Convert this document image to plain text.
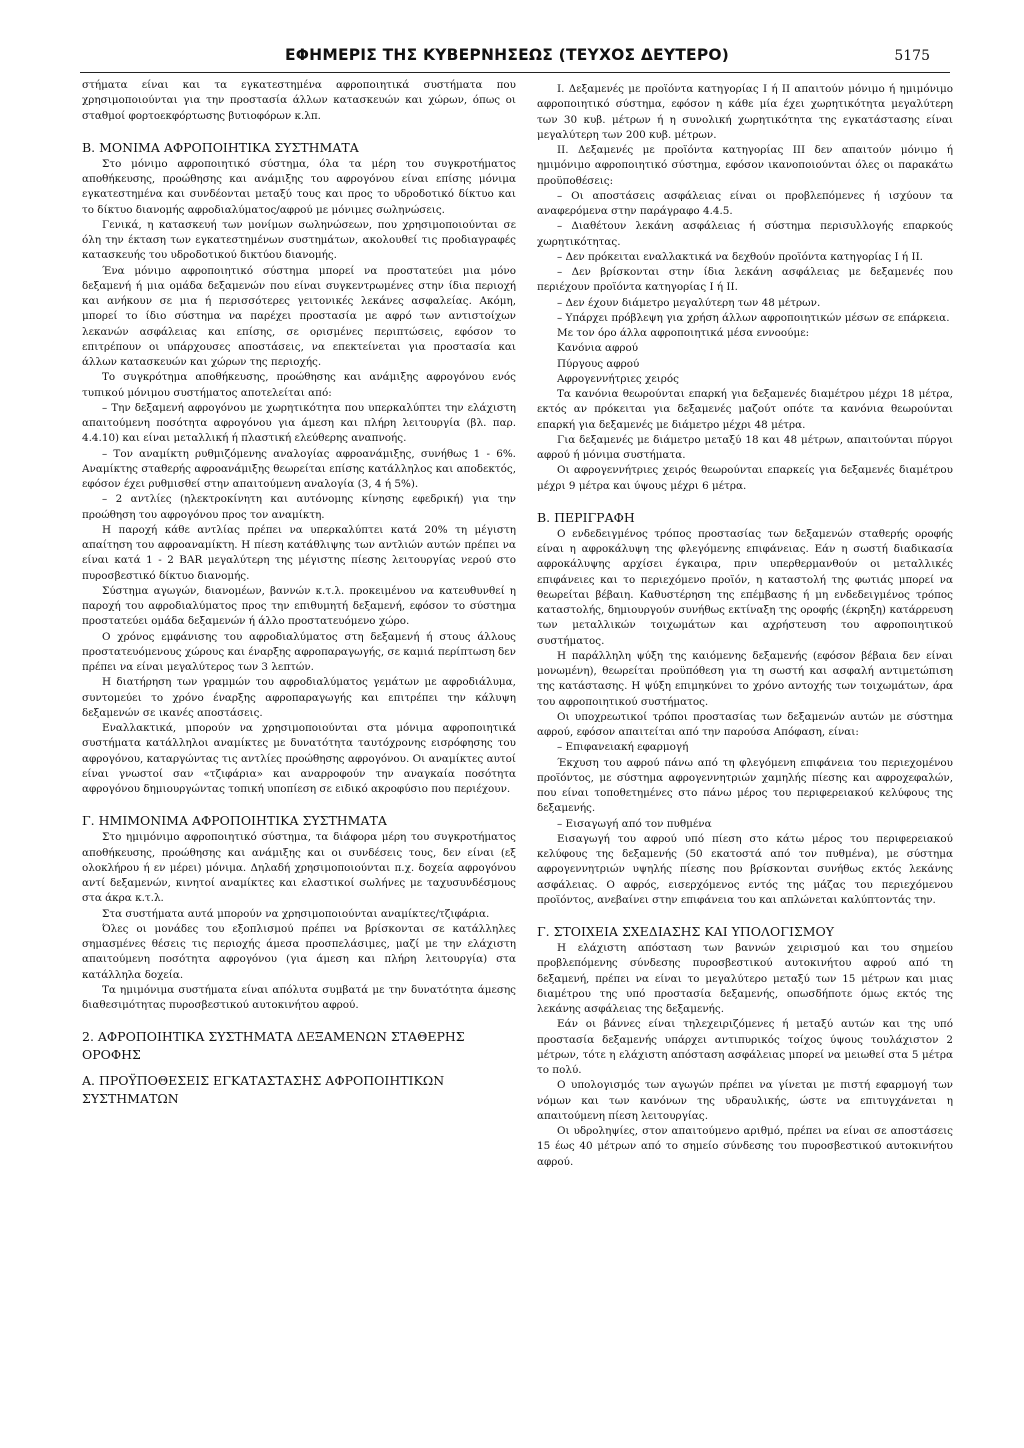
ΕΦΗΜΕΡΙΣ ΤΗΣ ΚΥΒΕΡΝΗΣΕΩΣ (ΤΕΥΧΟΣ ΔΕΥΤΕΡΟ)	5175

στήματα είναι και τα εγκατεστημένα αφροποιητικά συστήματα που χρησιμοποιούνται για την προστασία άλλων κατασκευών και χώρων, όπως οι σταθμοί φορτοεκφόρτωσης βυτιοφόρων κ.λπ.

Β. ΜΟΝΙΜΑ ΑΦΡΟΠΟΙΗΤΙΚΑ ΣΥΣΤΗΜΑΤΑ

Στο μόνιμο αφροποιητικό σύστημα, όλα τα μέρη του συγκροτήματος αποθήκευσης, προώθησης και ανάμιξης του αφρογόνου είναι επίσης μόνιμα εγκατεστημένα και συνδέονται μεταξύ τους και προς το υδροδοτικό δίκτυο και το δίκτυο διανομής αφροδιαλύματος/αφρού με μόνιμες σωληνώσεις.

Γενικά, η κατασκευή των μονίμων σωληνώσεων, που χρησιμοποιούνται σε όλη την έκταση των εγκατεστημένων συστημάτων, ακολουθεί τις προδιαγραφές κατασκευής του υδροδοτικού δικτύου διανομής.

Ένα μόνιμο αφροποιητικό σύστημα μπορεί να προστατεύει μια μόνο δεξαμενή ή μια ομάδα δεξαμενών που είναι συγκεντρωμένες στην ίδια περιοχή και ανήκουν σε μια ή περισσότερες γειτονικές λεκάνες ασφαλείας. Ακόμη, μπορεί το ίδιο σύστημα να παρέχει προστασία με αφρό των αντιστοίχων λεκανών ασφάλειας και επίσης, σε ορισμένες περιπτώσεις, εφόσον το επιτρέπουν οι υπάρχουσες αποστάσεις, να επεκτείνεται για προστασία και άλλων κατασκευών και χώρων της περιοχής.

Το συγκρότημα αποθήκευσης, προώθησης και ανάμιξης αφρογόνου ενός τυπικού μόνιμου συστήματος αποτελείται από:

– Την δεξαμενή αφρογόνου με χωρητικότητα που υπερκαλύπτει την ελάχιστη απαιτούμενη ποσότητα αφρογόνου για άμεση και πλήρη λειτουργία (βλ. παρ. 4.4.10) και είναι μεταλλική ή πλαστική ελεύθερης αναπνοής.

– Τον αναμίκτη ρυθμιζόμενης αναλογίας αφροανάμιξης, συνήθως 1 - 6%. Αναμίκτης σταθερής αφροανάμιξης θεωρείται επίσης κατάλληλος και αποδεκτός, εφόσον έχει ρυθμισθεί στην απαιτούμενη αναλογία (3, 4 ή 5%).

– 2 αντλίες (ηλεκτροκίνητη και αυτόνομης κίνησης εφεδρική) για την προώθηση του αφρογόνου προς τον αναμίκτη.

Η παροχή κάθε αντλίας πρέπει να υπερκαλύπτει κατά 20% τη μέγιστη απαίτηση του αφροαναμίκτη. Η πίεση κατάθλιψης των αντλιών αυτών πρέπει να είναι κατά 1 - 2 BAR μεγαλύτερη της μέγιστης πίεσης λειτουργίας νερού στο πυροσβεστικό δίκτυο διανομής.

Σύστημα αγωγών, διανομέων, βαννών κ.τ.λ. προκειμένου να κατευθυνθεί η παροχή του αφροδιαλύματος προς την επιθυμητή δεξαμενή, εφόσον το σύστημα προστατεύει ομάδα δεξαμενών ή άλλο προστατευόμενο χώρο.

Ο χρόνος εμφάνισης του αφροδιαλύματος στη δεξαμενή ή στους άλλους προστατευόμενους χώρους και έναρξης αφροπαραγωγής, σε καμιά περίπτωση δεν πρέπει να είναι μεγαλύτερος των 3 λεπτών.

Η διατήρηση των γραμμών του αφροδιαλύματος γεμάτων με αφροδιάλυμα, συντομεύει το χρόνο έναρξης αφροπαραγωγής και επιτρέπει την κάλυψη δεξαμενών σε ικανές αποστάσεις.

Εναλλακτικά, μπορούν να χρησιμοποιούνται στα μόνιμα αφροποιητικά συστήματα κατάλληλοι αναμίκτες με δυνατότητα ταυτόχρονης εισρόφησης του αφρογόνου, καταργώντας τις αντλίες προώθησης αφρογόνου. Οι αναμίκτες αυτοί είναι γνωστοί σαν «τζιφάρια» και αναρροφούν την αναγκαία ποσότητα αφρογόνου δημιουργώντας τοπική υποπίεση σε ειδικό ακροφύσιο που περιέχουν.

Γ. ΗΜΙΜΟΝΙΜΑ ΑΦΡΟΠΟΙΗΤΙΚΑ ΣΥΣΤΗΜΑΤΑ

Στο ημιμόνιμο αφροποιητικό σύστημα, τα διάφορα μέρη του συγκροτήματος αποθήκευσης, προώθησης και ανάμιξης και οι συνδέσεις τους, δεν είναι (εξ ολοκλήρου ή εν μέρει) μόνιμα. Δηλαδή χρησιμοποιούνται π.χ. δοχεία αφρογόνου αντί δεξαμενών, κινητοί αναμίκτες και ελαστικοί σωλήνες με ταχυσυνδέσμους στα άκρα κ.τ.λ.

Στα συστήματα αυτά μπορούν να χρησιμοποιούνται αναμίκτες/τζιφάρια.

Όλες οι μονάδες του εξοπλισμού πρέπει να βρίσκονται σε κατάλληλες σημασμένες θέσεις τις περιοχής άμεσα προσπελάσιμες, μαζί με την ελάχιστη απαιτούμενη ποσότητα αφρογόνου (για άμεση και πλήρη λειτουργία) στα κατάλληλα δοχεία.

Τα ημιμόνιμα συστήματα είναι απόλυτα συμβατά με την δυνατότητα άμεσης διαθεσιμότητας πυροσβεστικού αυτοκινήτου αφρού.

2. ΑΦΡΟΠΟΙΗΤΙΚΑ ΣΥΣΤΗΜΑΤΑ ΔΕΞΑΜΕΝΩΝ ΣΤΑΘΕΡΗΣ ΟΡΟΦΗΣ

Α. ΠΡΟΫΠΟΘΕΣΕΙΣ ΕΓΚΑΤΑΣΤΑΣΗΣ ΑΦΡΟΠΟΙΗΤΙΚΩΝ ΣΥΣΤΗΜΑΤΩΝ

Ι. Δεξαμενές με προϊόντα κατηγορίας Ι ή ΙΙ απαιτούν μόνιμο ή ημιμόνιμο αφροποιητικό σύστημα, εφόσον η κάθε μία έχει χωρητικότητα μεγαλύτερη των 30 κυβ. μέτρων ή η συνολική χωρητικότητα της εγκατάστασης είναι μεγαλύτερη των 200 κυβ. μέτρων.

ΙΙ. Δεξαμενές με προϊόντα κατηγορίας ΙΙΙ δεν απαιτούν μόνιμο ή ημιμόνιμο αφροποιητικό σύστημα, εφόσον ικανοποιούνται όλες οι παρακάτω προϋποθέσεις:

– Οι αποστάσεις ασφάλειας είναι οι προβλεπόμενες ή ισχύουν τα αναφερόμενα στην παράγραφο 4.4.5.

– Διαθέτουν λεκάνη ασφάλειας ή σύστημα περισυλλογής επαρκούς χωρητικότητας.

– Δεν πρόκειται εναλλακτικά να δεχθούν προϊόντα κατηγορίας Ι ή ΙΙ.

– Δεν βρίσκονται στην ίδια λεκάνη ασφάλειας με δεξαμενές που περιέχουν προϊόντα κατηγορίας Ι ή ΙΙ.

– Δεν έχουν διάμετρο μεγαλύτερη των 48 μέτρων.

– Υπάρχει πρόβλεψη για χρήση άλλων αφροποιητικών μέσων σε επάρκεια.

Με τον όρο άλλα αφροποιητικά μέσα εννοούμε:

Κανόνια αφρού

Πύργους αφρού

Αφρογεννήτριες χειρός

Τα κανόνια θεωρούνται επαρκή για δεξαμενές διαμέτρου μέχρι 18 μέτρα, εκτός αν πρόκειται για δεξαμενές μαζούτ οπότε τα κανόνια θεωρούνται επαρκή για δεξαμενές με διάμετρο μέχρι 48 μέτρα.

Για δεξαμενές με διάμετρο μεταξύ 18 και 48 μέτρων, απαιτούνται πύργοι αφρού ή μόνιμα συστήματα.

Οι αφρογεννήτριες χειρός θεωρούνται επαρκείς για δεξαμενές διαμέτρου μέχρι 9 μέτρα και ύψους μέχρι 6 μέτρα.

Β. ΠΕΡΙΓΡΑΦΗ

Ο ενδεδειγμένος τρόπος προστασίας των δεξαμενών σταθερής οροφής είναι η αφροκάλυψη της φλεγόμενης επιφάνειας. Εάν η σωστή διαδικασία αφροκάλυψης αρχίσει έγκαιρα, πριν υπερθερμανθούν οι μεταλλικές επιφάνειες και το περιεχόμενο προϊόν, η καταστολή της φωτιάς μπορεί να θεωρείται βέβαιη. Καθυστέρηση της επέμβασης ή μη ενδεδειγμένος τρόπος καταστολής, δημιουργούν συνήθως εκτίναξη της οροφής (έκρηξη) κατάρρευση των μεταλλικών τοιχωμάτων και αχρήστευση του αφροποιητικού συστήματος.

Η παράλληλη ψύξη της καιόμενης δεξαμενής (εφόσον βέβαια δεν είναι μονωμένη), θεωρείται προϋπόθεση για τη σωστή και ασφαλή αντιμετώπιση της κατάστασης. Η ψύξη επιμηκύνει το χρόνο αντοχής των τοιχωμάτων, άρα του αφροποιητικού συστήματος.

Οι υποχρεωτικοί τρόποι προστασίας των δεξαμενών αυτών με σύστημα αφρού, εφόσον απαιτείται από την παρούσα Απόφαση, είναι:

– Επιφανειακή εφαρμογή

Έκχυση του αφρού πάνω από τη φλεγόμενη επιφάνεια του περιεχομένου προϊόντος, με σύστημα αφρογεννητριών χαμηλής πίεσης και αφροχεφαλών, που είναι τοποθετημένες στο πάνω μέρος του περιφερειακού κελύφους της δεξαμενής.

– Εισαγωγή από τον πυθμένα

Εισαγωγή του αφρού υπό πίεση στο κάτω μέρος του περιφερειακού κελύφους της δεξαμενής (50 εκατοστά από τον πυθμένα), με σύστημα αφρογεννητριών υψηλής πίεσης που βρίσκονται συνήθως εκτός λεκάνης ασφάλειας. Ο αφρός, εισερχόμενος εντός της μάζας του περιεχόμενου προϊόντος, ανεβαίνει στην επιφάνεια του και απλώνεται καλύπτοντάς την.

Γ. ΣΤΟΙΧΕΙΑ ΣΧΕΔΙΑΣΗΣ ΚΑΙ ΥΠΟΛΟΓΙΣΜΟΥ

Η ελάχιστη απόσταση των βαννών χειρισμού και του σημείου προβλεπόμενης σύνδεσης πυροσβεστικού αυτοκινήτου αφρού από τη δεξαμενή, πρέπει να είναι το μεγαλύτερο μεταξύ των 15 μέτρων και μιας διαμέτρου της υπό προστασία δεξαμενής, οπωσδήποτε όμως εκτός της λεκάνης ασφάλειας της δεξαμενής.

Εάν οι βάννες είναι τηλεχειριζόμενες ή μεταξύ αυτών και της υπό προστασία δεξαμενής υπάρχει αντιπυρικός τοίχος ύψους τουλάχιστον 2 μέτρων, τότε η ελάχιστη απόσταση ασφάλειας μπορεί να μειωθεί στα 5 μέτρα το πολύ.

Ο υπολογισμός των αγωγών πρέπει να γίνεται με πιστή εφαρμογή των νόμων και των κανόνων της υδραυλικής, ώστε να επιτυγχάνεται η απαιτούμενη πίεση λειτουργίας.

Οι υδροληψίες, στον απαιτούμενο αριθμό, πρέπει να είναι σε αποστάσεις 15 έως 40 μέτρων από το σημείο σύνδεσης του πυροσβεστικού αυτοκινήτου αφρού.
